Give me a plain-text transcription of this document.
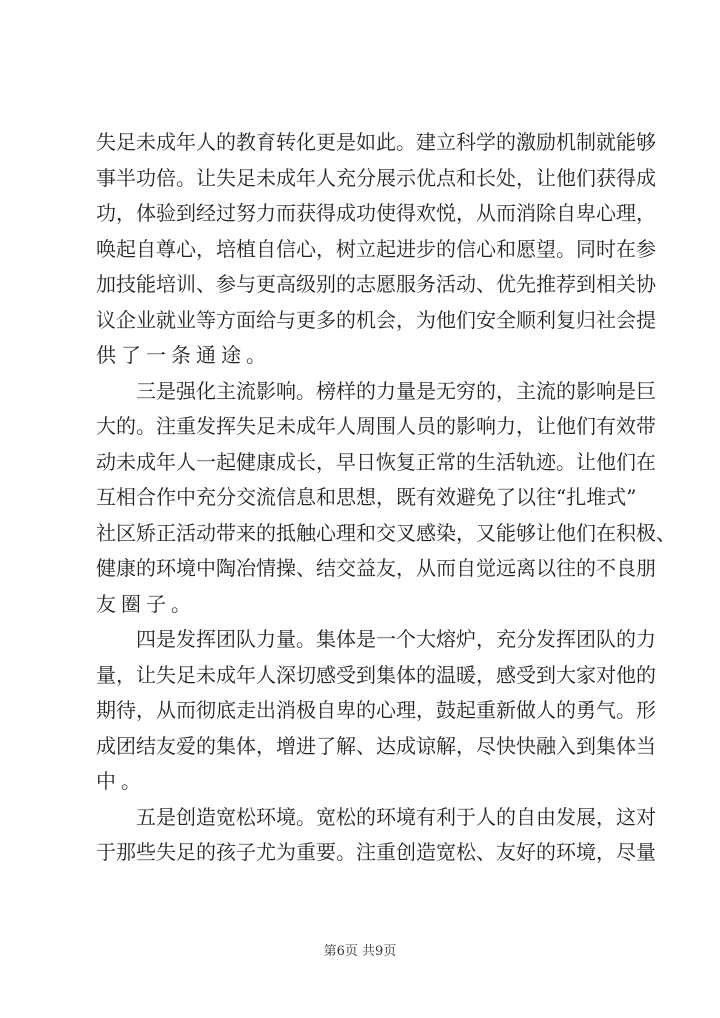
失足未成年人的教育转化更是如此。建立科学的激励机制就能够
事半功倍。让失足未成年人充分展示优点和长处，让他们获得成
功，体验到经过努力而获得成功使得欢悦，从而消除自卑心理，
唤起自尊心，培植自信心，树立起进步的信心和愿望。同时在参
加技能培训、参与更高级别的志愿服务活动、优先推荐到相关协
议企业就业等方面给与更多的机会，为他们安全顺利复归社会提
供了一条通途。
三是强化主流影响。榜样的力量是无穷的，主流的影响是巨
大的。注重发挥失足未成年人周围人员的影响力，让他们有效带
动未成年人一起健康成长，早日恢复正常的生活轨迹。让他们在
互相合作中充分交流信息和思想，既有效避免了以往“扎堆式”
社区矫正活动带来的抵触心理和交叉感染，又能够让他们在积极、
健康的环境中陶冶情操、结交益友，从而自觉远离以往的不良朋
友圈子。
四是发挥团队力量。集体是一个大熔炉，充分发挥团队的力
量，让失足未成年人深切感受到集体的温暖，感受到大家对他的
期待，从而彻底走出消极自卑的心理，鼓起重新做人的勇气。形
成团结友爱的集体，增进了解、达成谅解，尽快快融入到集体当
中。
五是创造宽松环境。宽松的环境有利于人的自由发展，这对
于那些失足的孩子尤为重要。注重创造宽松、友好的环境，尽量
第6页 共9页
